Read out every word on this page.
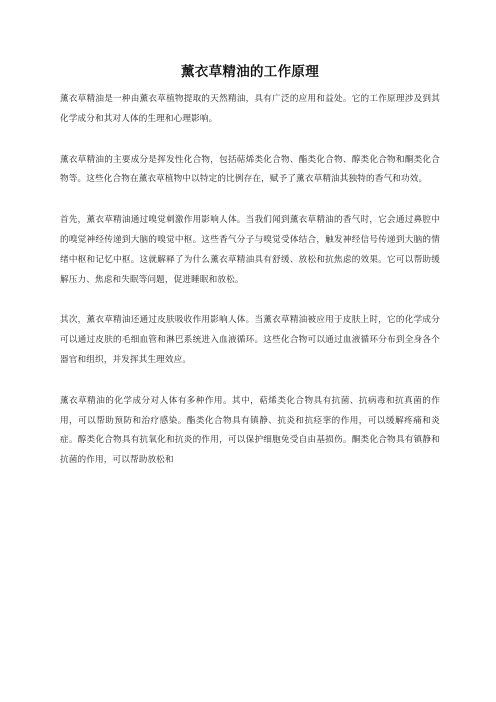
薰衣草精油的工作原理

薰衣草精油是一种由薰衣草植物提取的天然精油，具有广泛的应用和益处。它的工作原理涉及到其化学成分和其对人体的生理和心理影响。

薰衣草精油的主要成分是挥发性化合物，包括萜烯类化合物、酯类化合物、醇类化合物和酮类化合物等。这些化合物在薰衣草植物中以特定的比例存在，赋予了薰衣草精油其独特的香气和功效。

首先，薰衣草精油通过嗅觉刺激作用影响人体。当我们闻到薰衣草精油的香气时，它会通过鼻腔中的嗅觉神经传递到大脑的嗅觉中枢。这些香气分子与嗅觉受体结合，触发神经信号传递到大脑的情绪中枢和记忆中枢。这就解释了为什么薰衣草精油具有舒缓、放松和抗焦虑的效果。它可以帮助缓解压力、焦虑和失眠等问题，促进睡眠和放松。

其次，薰衣草精油还通过皮肤吸收作用影响人体。当薰衣草精油被应用于皮肤上时，它的化学成分可以通过皮肤的毛细血管和淋巴系统进入血液循环。这些化合物可以通过血液循环分布到全身各个器官和组织，并发挥其生理效应。

薰衣草精油的化学成分对人体有多种作用。其中，萜烯类化合物具有抗菌、抗病毒和抗真菌的作用，可以帮助预防和治疗感染。酯类化合物具有镇静、抗炎和抗痉挛的作用，可以缓解疼痛和炎症。醇类化合物具有抗氧化和抗炎的作用，可以保护细胞免受自由基损伤。酮类化合物具有镇静和抗菌的作用，可以帮助放松和
